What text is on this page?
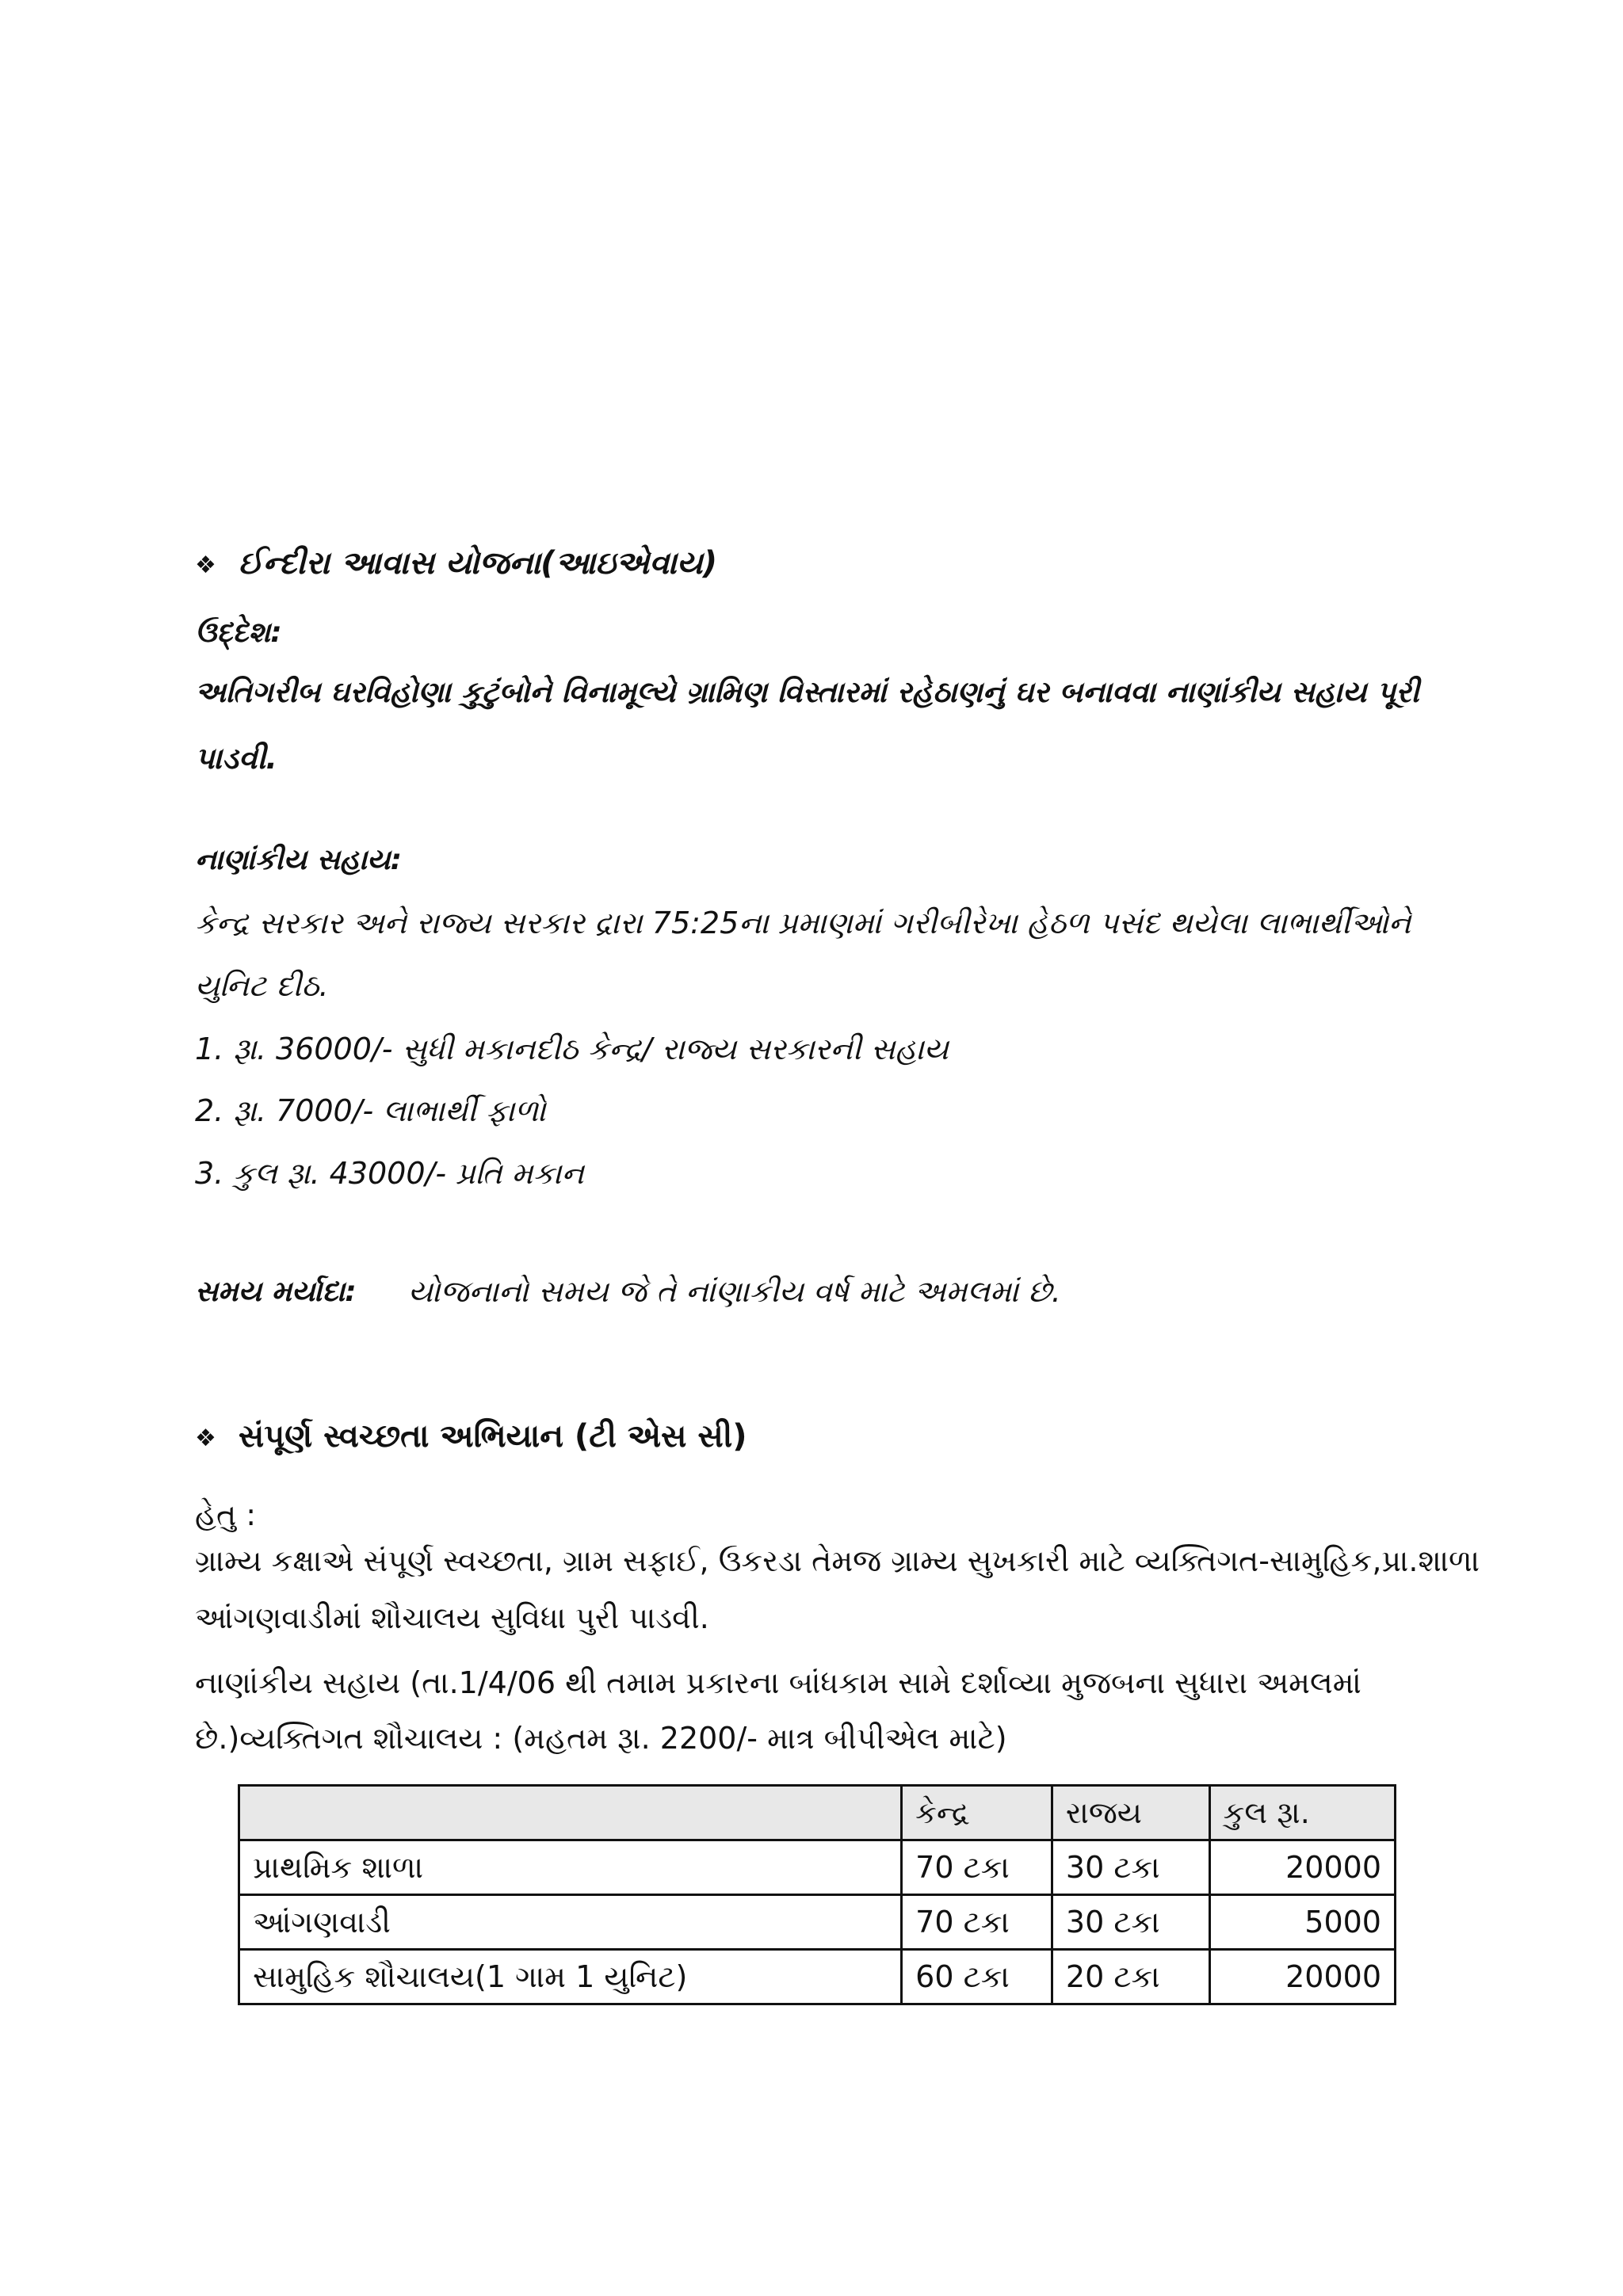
❖ ઈન્દીરા આવાસ યોજના(આઇએવાય)
ઉદ્દેશ:
અતિગરીબ ઘરવિહોણા કુટુંબોને વિનામૂલ્યે ગ્રામિણ વિસ્તારમાં રહેઠાણનું ઘર બનાવવા નાણાંકીય સહાય પૂરી
પાડવી.
નાણાંકીય સહાય:
કેન્દ્ર સરકાર અને રાજ્ય સરકાર દ્રારા 75:25ના પ્રમાણમાં ગરીબીરેખા હેઠળ પસંદ થયેલા લાભાર્થીઓને
યુનિટ દીઠ.
1. રૂા. 36000/- સુધી મકાનદીઠ કેન્દ્ર/ રાજ્ય સરકારની સહાય
2. રૂા. 7000/- લાભાર્થી ફાળો
3. કુલ રૂા. 43000/- પ્રતિ મકાન
સમય મર્યાદા: યોજનાનો સમય જે તે નાંણાકીય વર્ષ માટે અમલમાં છે.
❖ સંપૂર્ણ સ્વચ્છતા અભિયાન (ટી એસ સી)
હેતુ :
ગ્રામ્ય કક્ષાએ સંપૂર્ણ સ્વચ્છતા, ગ્રામ સફાઈ, ઉકરડા તેમજ ગ્રામ્ય સુખકારી માટે વ્યક્તિગત-સામુહિક,પ્રા.શાળા
આંગણવાડીમાં શૌચાલય સુવિધા પુરી પાડવી.
નાણાંકીય સહાય (તા.1/4/06 થી તમામ પ્રકારના બાંધકામ સામે દર્શાવ્યા મુજબના સુધારા અમલમાં
છે.)વ્યક્તિગત શૌચાલય : (મહતમ રૂા. 2200/- માત્ર બીપીએલ માટે)
	કેન્દ્ર	રાજય	કુલ રૂા.
પ્રાથમિક શાળા	70 ટકા	30 ટકા	20000
આંગણવાડી	70 ટકા	30 ટકા	5000
સામુહિક શૌચાલય(1 ગામ 1 યુનિટ)	60 ટકા	20 ટકા	20000
